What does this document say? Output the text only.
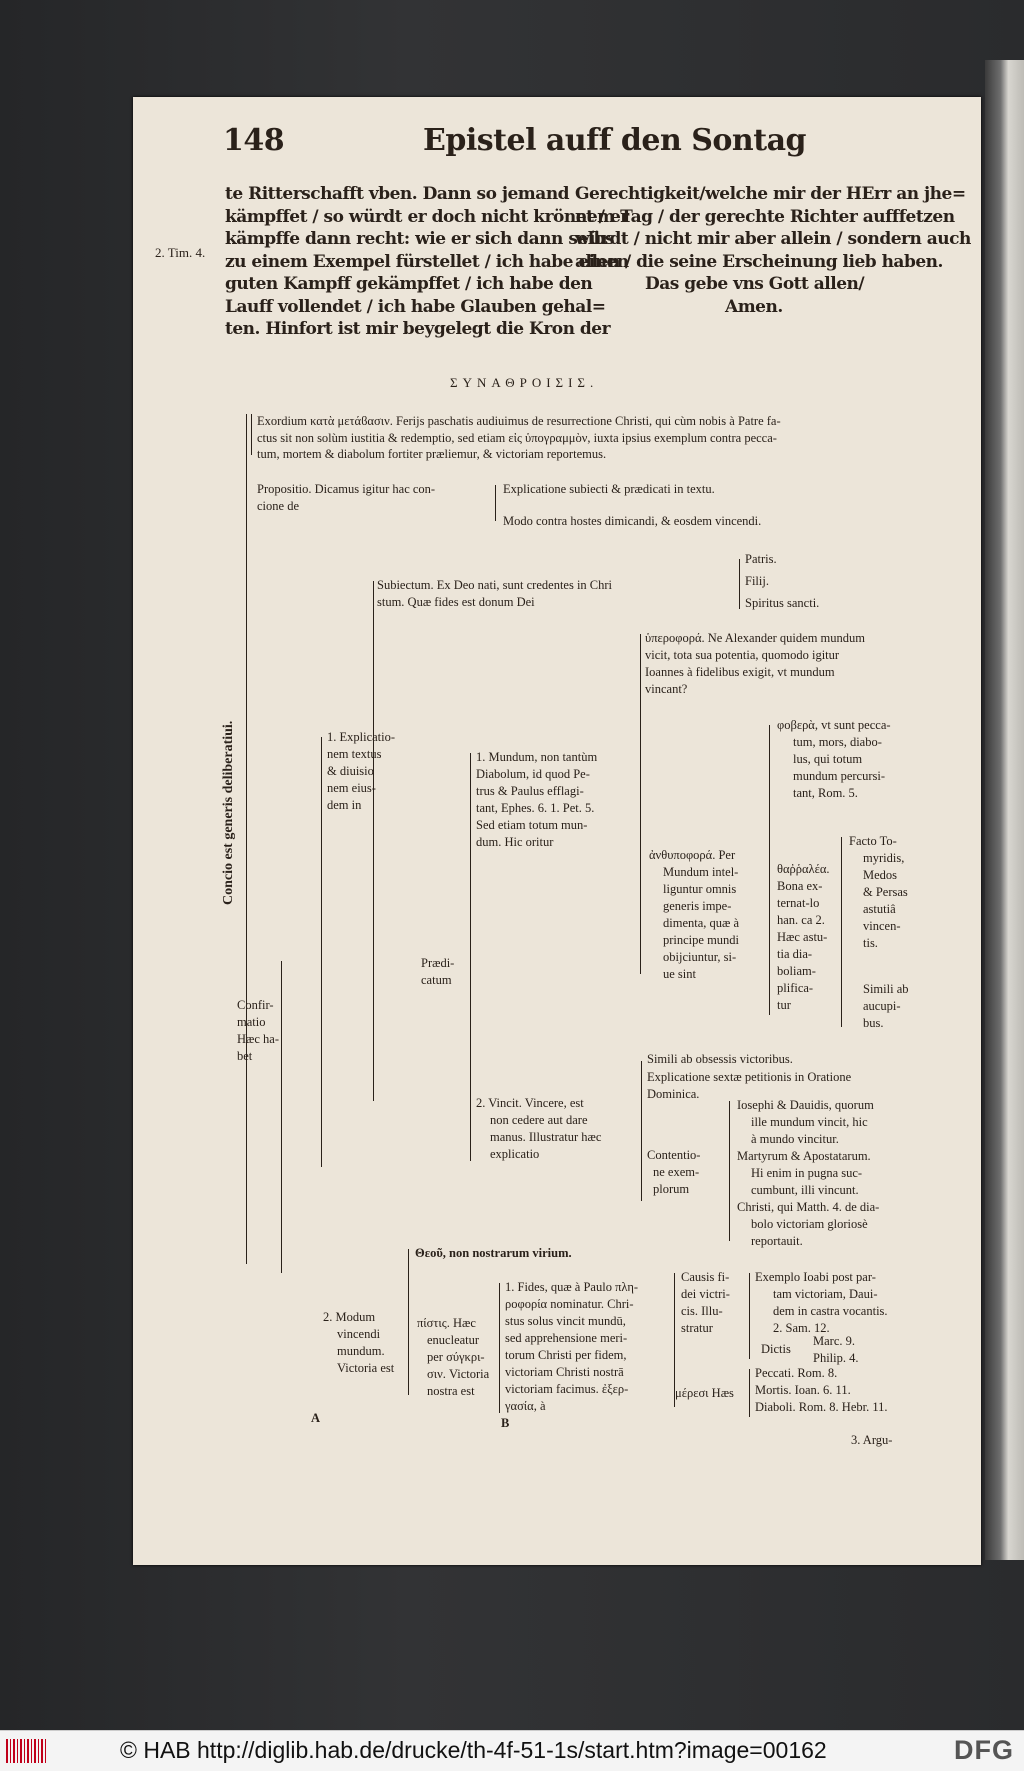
148	Epistel auff den Sontag
2. Tim. 4.
te Ritterschafft vben. Dann so jemand
kämpffet / so würdt er doch nicht krönet / er
kämpffe dann recht: wie er sich dann selbs
zu einem Exempel fürstellet / ich habe einen
guten Kampff gekämpffet / ich habe den
Lauff vollendet / ich habe Glauben gehal=
ten. Hinfort ist mir beygelegt die Kron der
Gerechtigkeit/welche mir der HErr an jhe=
nem Tag / der gerechte Richter aufffetzen
würdt / nicht mir aber allein / sondern auch
allen / die seine Erscheinung lieb haben.
Das gebe vns Gott allen/
Amen.
ΣΥΝΑΘΡΟΙΣΙΣ.
Concio est generis deliberatiui.
Exordium κατὰ μετάϐασιν. Ferijs paschatis audiuimus de resurrectione Christi, qui cùm nobis à Patre fa-
ctus sit non solùm iustitia & redemptio, sed etiam εἰς ὑπογραμμὸν, iuxta ipsius exemplum contra pecca-
tum, mortem & diabolum fortiter præliemur, & victoriam reportemus.
Propositio. Dicamus igitur hac con-
cione de
Explicatione subiecti & prædicati in textu.
Modo contra hostes dimicandi, & eosdem vincendi.
Subiectum. Ex Deo nati, sunt credentes in Chri
stum. Quæ fides est donum Dei
Patris.
Filij.
Spiritus sancti.
1. Explicatio-
nem textus
& diuisio
nem eius-
dem in
Confir-
matio
Hæc ha-
bet
ὑπεροφορά. Ne Alexander quidem mundum
vicit, tota sua potentia, quomodo igitur
Ioannes à fidelibus exigit, vt mundum
vincant?
1. Mundum, non tantùm
Diabolum, id quod Pe-
trus & Paulus efflagi-
tant, Ephes. 6. 1. Pet. 5.
Sed etiam totum mun-
dum. Hic oritur
φοβερὰ, vt sunt pecca-
tum, mors, diabo-
lus, qui totum
mundum percursi-
tant, Rom. 5.
ἀνθυποφορά. Per
Mundum intel-
liguntur omnis
generis impe-
dimenta, quæ à
principe mundi
obijciuntur, si-
ue sint
θαῤῥαλέα.
Bona ex-
ternat-lo
han. ca 2.
Hæc astu-
tia dia-
boliam-
plifica-
tur
Facto To-
myridis,
Medos
& Persas
astutiâ
vincen-
tis.
Simili ab
aucupi-
bus.
Prædi-
catum
2. Vincit. Vincere, est
non cedere aut dare
manus. Illustratur hæc
explicatio
Simili ab obsessis victoribus.
Explicatione sextæ petitionis in Oratione
Dominica.
Contentio-
ne exem-
plorum
Iosephi & Dauidis, quorum
ille mundum vincit, hic
à mundo vincitur.
Martyrum & Apostatarum.
Hi enim in pugna suc-
cumbunt, illi vincunt.
Christi, qui Matth. 4. de dia-
bolo victoriam gloriosè
reportauit.
Θεοῦ, non nostrarum virium.
2. Modum
vincendi
mundum.
Victoria est
πίστις. Hæc
enucleatur
per σύγκρι-
σιν. Victoria
nostra est
1. Fides, quæ à Paulo πλη-
ροφορία nominatur. Chri-
stus solus vincit mundū,
sed apprehensione meri-
torum Christi per fidem,
victoriam Christi nostrā
victoriam facimus. ἐξερ-
γασία, à
Causis fi-
dei victri-
cis. Illu-
stratur
Exemplo Ioabi post par-
tam victoriam, Daui-
dem in castra vocantis.
2. Sam. 12.
Dictis
Marc. 9.
Philip. 4.
μέρεσι Hæs
Peccati. Rom. 8.
Mortis. Ioan. 6. 11.
Diaboli. Rom. 8. Hebr. 11.
A	B
3. Argu-
© HAB http://diglib.hab.de/drucke/th-4f-51-1s/start.htm?image=00162	DFG
